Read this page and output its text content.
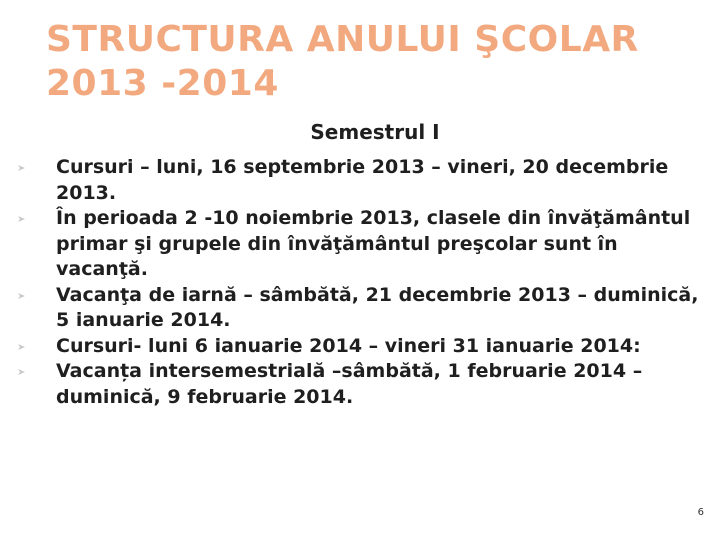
STRUCTURA ANULUI ŞCOLAR
2013 -2014
Semestrul I
Cursuri – luni, 16 septembrie 2013 – vineri, 20 decembrie 2013.
În perioada 2 -10 noiembrie 2013, clasele din învăţământul primar şi grupele din învăţământul preşcolar sunt în vacanţă.
Vacanţa de iarnă – sâmbătă, 21 decembrie 2013 – duminică, 5 ianuarie 2014.
Cursuri- luni 6 ianuarie 2014 – vineri 31 ianuarie 2014:
Vacanța intersemestrială –sâmbătă, 1 februarie 2014 – duminică, 9 februarie 2014.
6
